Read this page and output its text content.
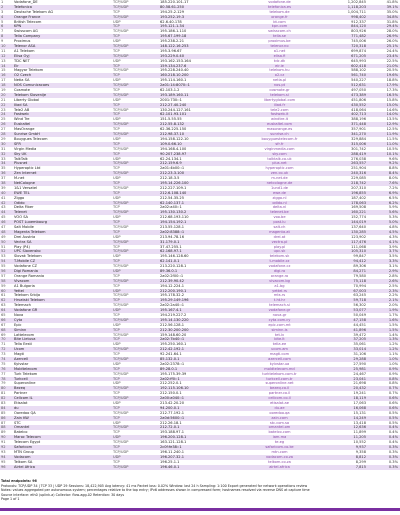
1	Vodafone_DE	TCP/UDP	185.220.101.17	vodafone.de	1,202,845	41.8%
2	Telefonica	TCP/UDP	80.58.61.250	telefonica.es	1,118,203	39.1%
3	Deutsche Telekom AG	TCP	194.25.2.129	telekom.de	1,004,711	35.0%
4	Orange France	TCP/UDP	193.252.19.3	orange.fr	998,402	34.8%
5	British Telecom	UDP	62.6.40.178	bt.com	912,337	31.8%
6	KPN	TCP	195.121.1.34	kpn.com	844,120	29.4%
7	Swisscom AG	TCP/UDP	195.186.1.110	swisscom.ch	803,926	28.0%
8	Telia Company	TCP	195.67.199.18	telia.se	771,482	26.9%
9	Proximus	UDP	195.238.2.21	proximus.be	745,006	26.0%
10	Telenor ASA	TCP/UDP	148.122.16.253	telenor.no	720,318	25.1%
11	A1 Telekom	TCP	195.3.96.67	a1.net	699,874	24.4%
12	Elisa Oyj	TCP/UDP	193.229.0.40	elisa.fi	671,205	23.4%
13	TDC NET	UDP	193.162.153.164	tdc.dk	645,993	22.5%
14	Eir	TCP	159.134.237.6	eir.ie	602,418	21.0%
15	Magyar Telekom	TCP/UDP	195.228.240.40	telekom.hu	588,102	20.5%
16	O2 Czech	TCP	160.218.10.200	o2.cz	561,740	19.6%
17	Netia SA	UDP	195.114.160.1	netia.pl	540,227	18.8%
18	NOS Comunicacoes	TCP/UDP	2a01:14:8070::1	nos.pt	512,631	17.9%
19	Cosmote	TCP	62.103.1.2	cosmote.gr	497,050	17.3%
20	Telekom Slovenije	TCP/UDP	193.189.160.11	telekom.si	473,389	16.5%
21	Liberty Global	UDP	2001:730::1	libertyglobal.com	451,806	15.8%
22	Iliad SA	TCP	212.27.40.240	iliad.fr	430,552	15.0%
23	Tele2 AB	TCP/UDP	130.244.127.161	tele2.com	418,064	14.6%
24	Fastweb	TCP	62.101.93.101	fastweb.it	402,713	14.0%
25	Wind Tre	UDP	151.5.55.55	windtre.it	388,196	13.5%
26	Euskaltel	TCP/UDP	212.55.8.132	euskaltel.com	371,448	12.9%
27	MasOrange	TCP	62.36.225.150	masorange.es	357,901	12.5%
28	Sunrise GmbH	TCP/UDP	212.98.37.10	sunrise.ch	341,270	11.9%
29	Bouygues Telecom	UDP	194.158.122.10	bouyguestelecom.fr	329,884	11.5%
30	SFR	TCP	109.0.66.10	sfr.fr	315,006	11.0%
31	Virgin Media	TCP/UDP	194.168.4.100	virginmedia.com	301,742	10.5%
32	Sky UK	TCP	90.207.238.97	sky.com	288,419	10.1%
33	TalkTalk	UDP	62.24.134.1	talktalk.co.uk	276,038	9.6%
34	Plusnet	TCP/UDP	212.159.6.9	plus.net	263,557	9.2%
35	Hyperoptic Ltd	TCP	2a01:4b00::1	hyperoptic.com	251,904	8.8%
36	Zen Internet	TCP/UDP	212.23.3.100	zen.co.uk	240,316	8.4%
37	M-net	UDP	212.18.3.5	m-net.de	229,085	8.0%
38	NetCologne	TCP	195.14.226.100	netcologne.de	218,742	7.6%
39	1&1 Versatel	TCP/UDP	212.227.109.1	1und1.de	207,310	7.2%
40	EWE TEL	TCP	212.6.108.140	ewe.de	196,855	6.9%
41	Ziggo	UDP	212.54.35.25	ziggo.nl	187,402	6.5%
42	Odido	TCP/UDP	62.140.137.1	odido.nl	178,063	6.2%
43	Delta Fiber	TCP	2a02:a40::1	delta.nl	169,508	5.9%
44	Telenet	TCP/UDP	195.130.130.2	telenet.be	160,221	5.6%
45	VOO SA	UDP	212.68.193.110	voo.be	152,774	5.3%
46	POST Luxembourg	TCP	194.154.192.1	post.lu	144,019	5.0%
47	Salt Mobile	TCP/UDP	213.55.128.1	salt.ch	137,640	4.8%
48	Magenta Telekom	TCP	2a02:8388::1	magenta.at	130,285	4.5%
49	Drei Austria	UDP	213.94.78.16	drei.at	123,902	4.3%
50	Vectra SA	TCP/UDP	31.179.0.1	vectra.pl	117,476	4.1%
51	Play (P4)	TCP	37.47.255.1	play.pl	111,068	3.9%
52	UPC Slovensko	TCP/UDP	62.168.97.1	upc.sk	105,310	3.7%
53	Slovak Telekom	UDP	195.146.128.60	telekom.sk	99,847	3.5%
54	T-Mobile CZ	TCP	62.141.0.1	t-mobile.cz	94,412	3.3%
55	Vodafone CZ	TCP/UDP	213.220.128.1	vodafone.cz	89,306	3.1%
56	Digi Romania	UDP	89.36.0.1	digi.ro	84,271	2.9%
57	Orange Romania	TCP	2a02:2f00::1	orange.ro	79,580	2.8%
58	Vivacom	TCP/UDP	212.39.90.42	vivacom.bg	75,118	2.6%
59	A1 Bulgaria	TCP	194.12.224.1	a1.bg	70,994	2.5%
60	Yettel	UDP	212.200.190.1	yettel.rs	67,003	2.3%
61	Telekom Srbija	TCP/UDP	195.178.32.2	mts.rs	63,245	2.2%
62	Hrvatski Telekom	TCP	195.29.149.196	t.ht.hr	59,718	2.1%
63	Telemach	TCP/UDP	2a02:2a40::1	telemach.si	56,302	2.0%
64	Vodafone GR	UDP	195.167.4.1	vodafone.gr	53,077	1.9%
65	Nova	TCP	194.219.227.2	nova.gr	50,049	1.7%
66	Cyta	TCP/UDP	195.14.130.220	cyta.com.cy	47,158	1.6%
67	Epic	UDP	212.56.128.1	epic.com.mt	44,451	1.5%
68	Siminn	TCP	212.30.200.200	siminn.is	41,896	1.5%
69	Lattelecom	TCP/UDP	159.148.60.20	tet.lv	39,472	1.4%
70	Bite Lietuva	TCP	2a02:7b40::1	bite.lt	37,205	1.3%
71	Telia Eesti	UDP	195.250.160.1	telia.ee	35,061	1.2%
72	Ucom	TCP/UDP	212.42.192.1	ucom.am	33,014	1.2%
73	Magti	TCP	92.241.64.1	magti.com	31,106	1.1%
74	Azercell	TCP/UDP	85.132.0.1	azercell.com	29,288	1.0%
75	Kyivstar	UDP	2a02:2378::1	kyivstar.ua	27,590	1.0%
76	Moldtelecom	TCP	89.28.0.1	moldtelecom.md	25,981	0.9%
77	Turk Telekom	TCP/UDP	195.175.39.39	turktelekom.com.tr	24,467	0.9%
78	Turkcell	TCP	2a02:ff0::1	turkcell.com.tr	23,041	0.8%
79	Superonline	UDP	212.252.0.1	superonline.net	21,698	0.8%
80	Bezeq	TCP/UDP	192.115.106.10	bezeq.co.il	20,432	0.7%
81	Partner	TCP	212.150.0.1	partner.co.il	19,241	0.7%
82	Cellcom IL	TCP/UDP	2a00:a040::1	cellcom.co.il	18,119	0.6%
83	Etisalat	UDP	213.42.20.20	etisalat.ae	17,063	0.6%
84	du	TCP	94.200.0.1	du.ae	16,068	0.6%
85	Ooredoo QA	TCP/UDP	212.77.192.1	ooredoo.qa	15,131	0.5%
86	Zain KW	TCP	2a0d:5600::1	zain.com	14,249	0.5%
87	STC	UDP	212.26.18.1	stc.com.sa	13,418	0.5%
88	Omantel	TCP/UDP	212.72.0.1	omantel.om	12,636	0.4%
89	Batelco	TCP	193.188.97.1	batelco.com	11,899	0.4%
90	Maroc Telecom	UDP	196.200.128.1	iam.ma	11,205	0.4%
91	Telecom Egypt	TCP/UDP	163.121.128.1	te.eg	10,552	0.4%
92	Safaricom	TCP	2c0f:fe38::1	safaricom.co.ke	9,937	0.3%
93	MTN Group	TCP/UDP	196.11.240.1	mtn.com	9,358	0.3%
94	Vodacom	UDP	196.207.32.1	vodacom.co.za	8,812	0.3%
95	Telkom SA	TCP	196.25.1.1	telkom.co.za	8,299	0.3%
96	Airtel Africa	TCP/UDP	196.46.0.1	airtel.africa	7,815	0.3%
Total endpoints: 96
Protocols: TCP/UDP 34 | TCP 33 | UDP 29 Sessions: 18,422,905 Avg latency: 41 ms Packet loss: 0.02% Window: last 24 h Sampling: 1:100 Export generated for network operations review
Notes: values aggregated per autonomous system; percentages relative to the top entry; IPv6 addresses shown in compressed form; hostnames resolved via reverse DNS at capture time
Source interface: eth0 (uplink-a) Collector: flow-agg-02 Retention: 30 days
Page 1 of 1
